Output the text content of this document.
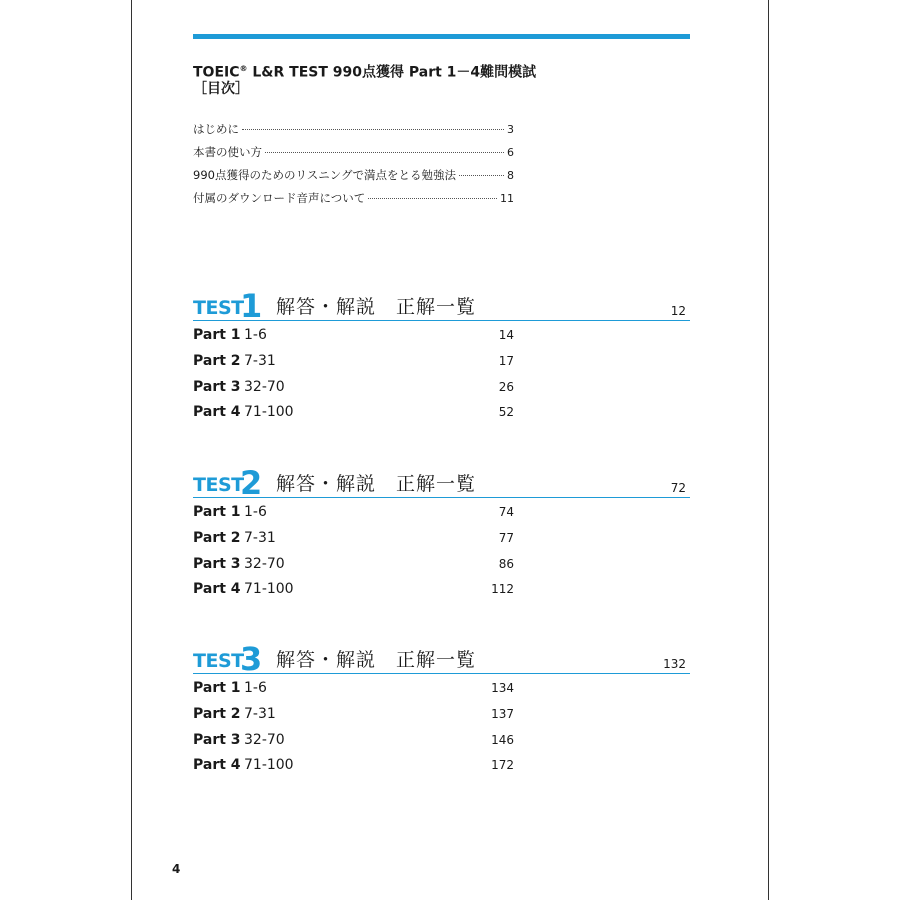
TOEIC® L&R TEST 990点獲得 Part 1－4難問模試
［目次］
はじめに	3
本書の使い方	6
990点獲得のためのリスニングで満点をとる勉強法	8
付属のダウンロード音声について	11
TEST
1 解答・解説　正解一覧	12
Part 1 1-6	14
Part 2 7-31	17
Part 3 32-70	26
Part 4 71-100	52
TEST
2 解答・解説　正解一覧	72
Part 1 1-6	74
Part 2 7-31	77
Part 3 32-70	86
Part 4 71-100	112
TEST
3 解答・解説　正解一覧	132
Part 1 1-6	134
Part 2 7-31	137
Part 3 32-70	146
Part 4 71-100	172
4
